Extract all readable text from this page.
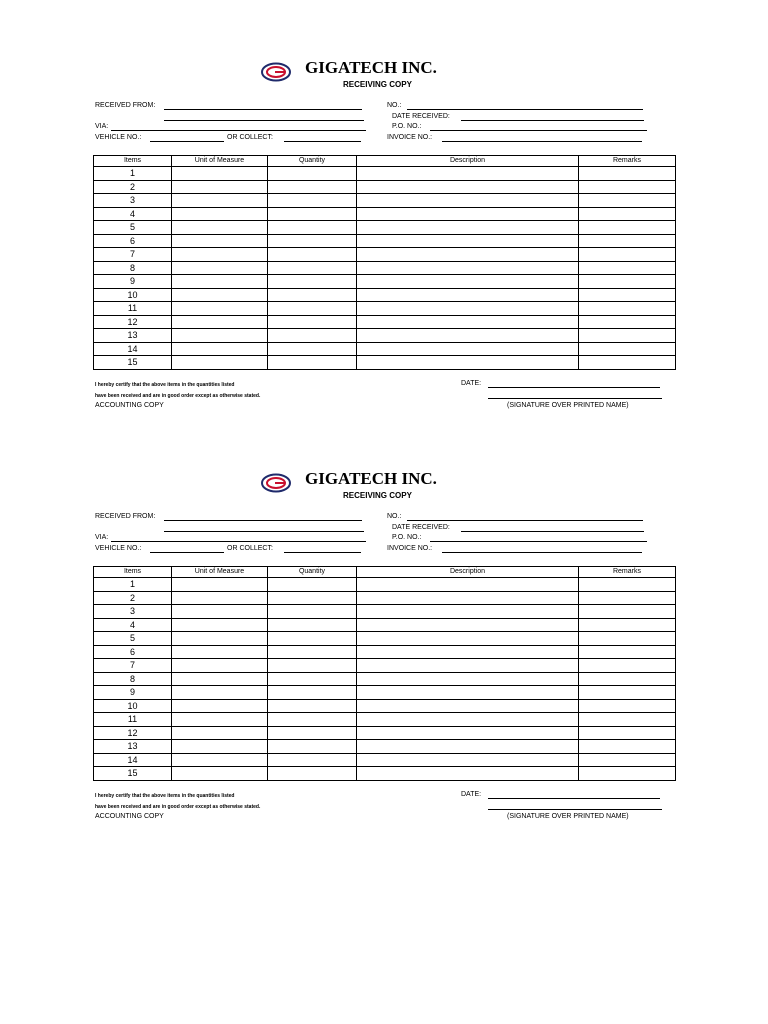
GIGATECH INC.
RECEIVING COPY
RECEIVED FROM:
VIA:
VEHICLE NO.:	OR COLLECT:
NO.:
DATE RECEIVED:
P.O. NO.:
INVOICE NO.:
Items	Unit of Measure	Quantity	Description	Remarks
1				
2				
3				
4				
5				
6				
7				
8				
9				
10				
11				
12				
13				
14				
15				
I hereby certify that the above items in the quantities listed
have been received and are in good order except as otherwise stated.
ACCOUNTING COPY
DATE:
(SIGNATURE OVER PRINTED NAME)
GIGATECH INC.
RECEIVING COPY
RECEIVED FROM:
VIA:
VEHICLE NO.:	OR COLLECT:
NO.:
DATE RECEIVED:
P.O. NO.:
INVOICE NO.:
Items	Unit of Measure	Quantity	Description	Remarks
1				
2				
3				
4				
5				
6				
7				
8				
9				
10				
11				
12				
13				
14				
15				
I hereby certify that the above items in the quantities listed
have been received and are in good order except as otherwise stated.
ACCOUNTING COPY
DATE:
(SIGNATURE OVER PRINTED NAME)
